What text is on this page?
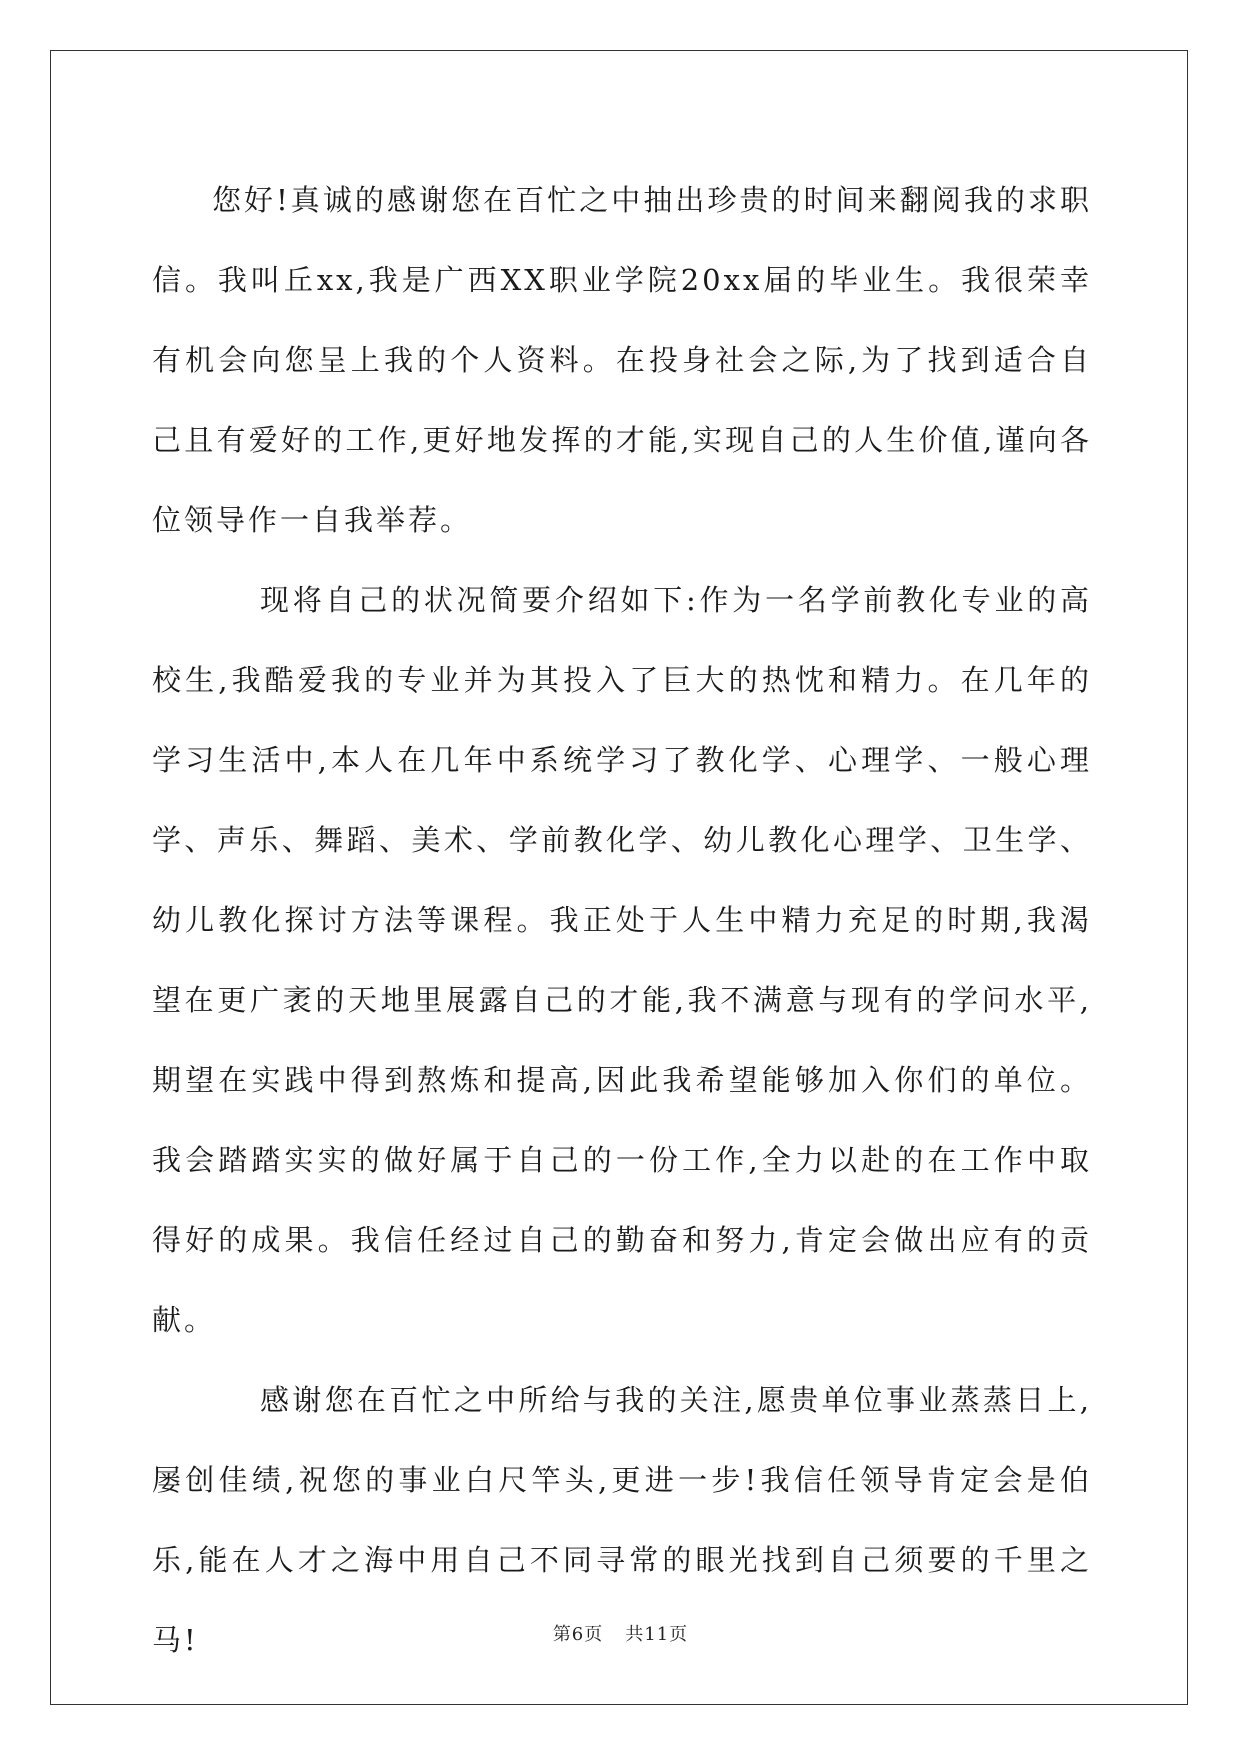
您好!真诚的感谢您在百忙之中抽出珍贵的时间来翻阅我的求职信。我叫丘xx,我是广西XX职业学院20xx届的毕业生。我很荣幸有机会向您呈上我的个人资料。在投身社会之际,为了找到适合自己且有爱好的工作,更好地发挥的才能,实现自己的人生价值,谨向各位领导作一自我举荐。

现将自己的状况简要介绍如下:作为一名学前教化专业的高校生,我酷爱我的专业并为其投入了巨大的热忱和精力。在几年的学习生活中,本人在几年中系统学习了教化学、心理学、一般心理学、声乐、舞蹈、美术、学前教化学、幼儿教化心理学、卫生学、幼儿教化探讨方法等课程。我正处于人生中精力充足的时期,我渴望在更广袤的天地里展露自己的才能,我不满意与现有的学问水平,期望在实践中得到熬炼和提高,因此我希望能够加入你们的单位。我会踏踏实实的做好属于自己的一份工作,全力以赴的在工作中取得好的成果。我信任经过自己的勤奋和努力,肯定会做出应有的贡献。

感谢您在百忙之中所给与我的关注,愿贵单位事业蒸蒸日上,屡创佳绩,祝您的事业白尺竿头,更进一步!我信任领导肯定会是伯乐,能在人才之海中用自己不同寻常的眼光找到自己须要的千里之马!	第6页 共11页
